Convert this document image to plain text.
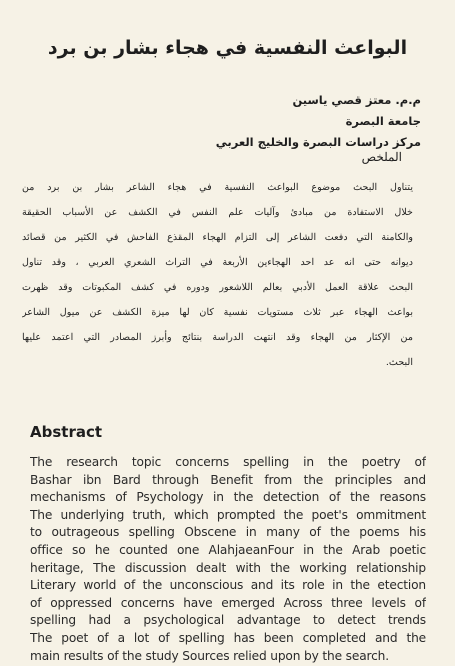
البواعث النفسية في هجاء بشار بن برد
م.م. معتز قصي ياسين
جامعة البصرة
مركز دراسات البصرة والخليج العربي
الملخص
يتناول البحث موضوع البواعث النفسية في هجاء الشاعر بشار بن برد من
خلال الاستفادة من مبادئ وآليات علم النفس في الكشف عن الأسباب الحقيقة
والكامنة التي دفعت الشاعر إلى التزام الهجاء المقذع الفاحش في الكثير من قصائد
ديوانه حتى انه عد احد الهجاءين الأربعة في التراث الشعري العربي ، وقد تناول
البحث علاقة العمل الأدبي بعالم اللاشعور ودوره في كشف المكبوتات وقد ظهرت
بواعث الهجاء عبر ثلاث مستويات نفسية كان لها ميزة الكشف عن ميول الشاعر
من الإكثار من الهجاء وقد انتهت الدراسة بنتائج وأبرز المصادر التي اعتمد عليها
البحث.
Abstract
The research topic concerns spelling in the poetry of
Bashar ibn Bard through Benefit from the principles and
mechanisms of Psychology in the detection of the reasons
The underlying truth, which prompted the poet's ommitment
to outrageous spelling Obscene in many of the poems his
office so he counted one AlahjaeanFour in the Arab poetic
heritage, The discussion dealt with the working relationship
Literary world of the unconscious and its role in the etection
of oppressed concerns have emerged Across three levels of
spelling had a psychological advantage to detect trends
The poet of a lot of spelling has been completed and the
main results of the study Sources relied upon by the search.
